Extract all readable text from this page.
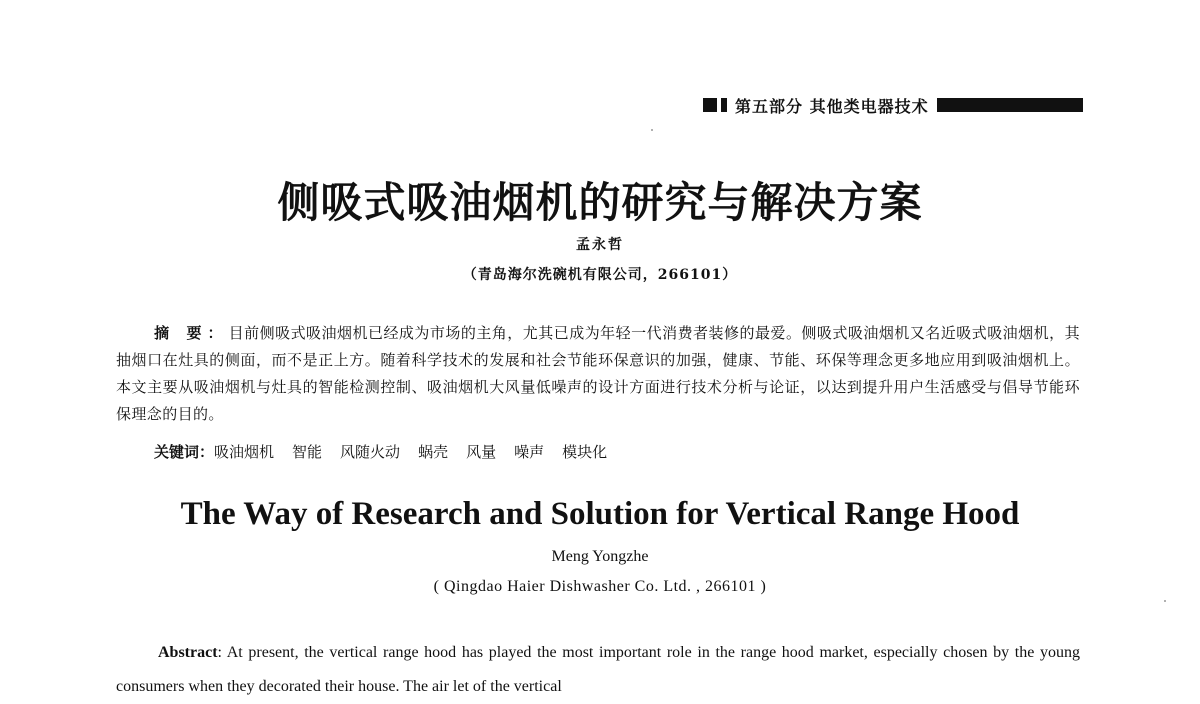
第五部分 其他类电器技术
侧吸式吸油烟机的研究与解决方案
孟永哲
（青岛海尔洗碗机有限公司，266101）
摘 要：目前侧吸式吸油烟机已经成为市场的主角，尤其已成为年轻一代消费者装修的最爱。侧吸式吸油烟机又名近吸式吸油烟机，其抽烟口在灶具的侧面，而不是正上方。随着科学技术的发展和社会节能环保意识的加强，健康、节能、环保等理念更多地应用到吸油烟机上。本文主要从吸油烟机与灶具的智能检测控制、吸油烟机大风量低噪声的设计方面进行技术分析与论证，以达到提升用户生活感受与倡导节能环保理念的目的。
关键词：吸油烟机 智能 风随火动 蜗壳 风量 噪声 模块化
The Way of Research and Solution for Vertical Range Hood
Meng Yongzhe
( Qingdao Haier Dishwasher Co. Ltd. , 266101 )
Abstract: At present, the vertical range hood has played the most important role in the range hood market, especially chosen by the young consumers when they decorated their house. The air let of the vertical
